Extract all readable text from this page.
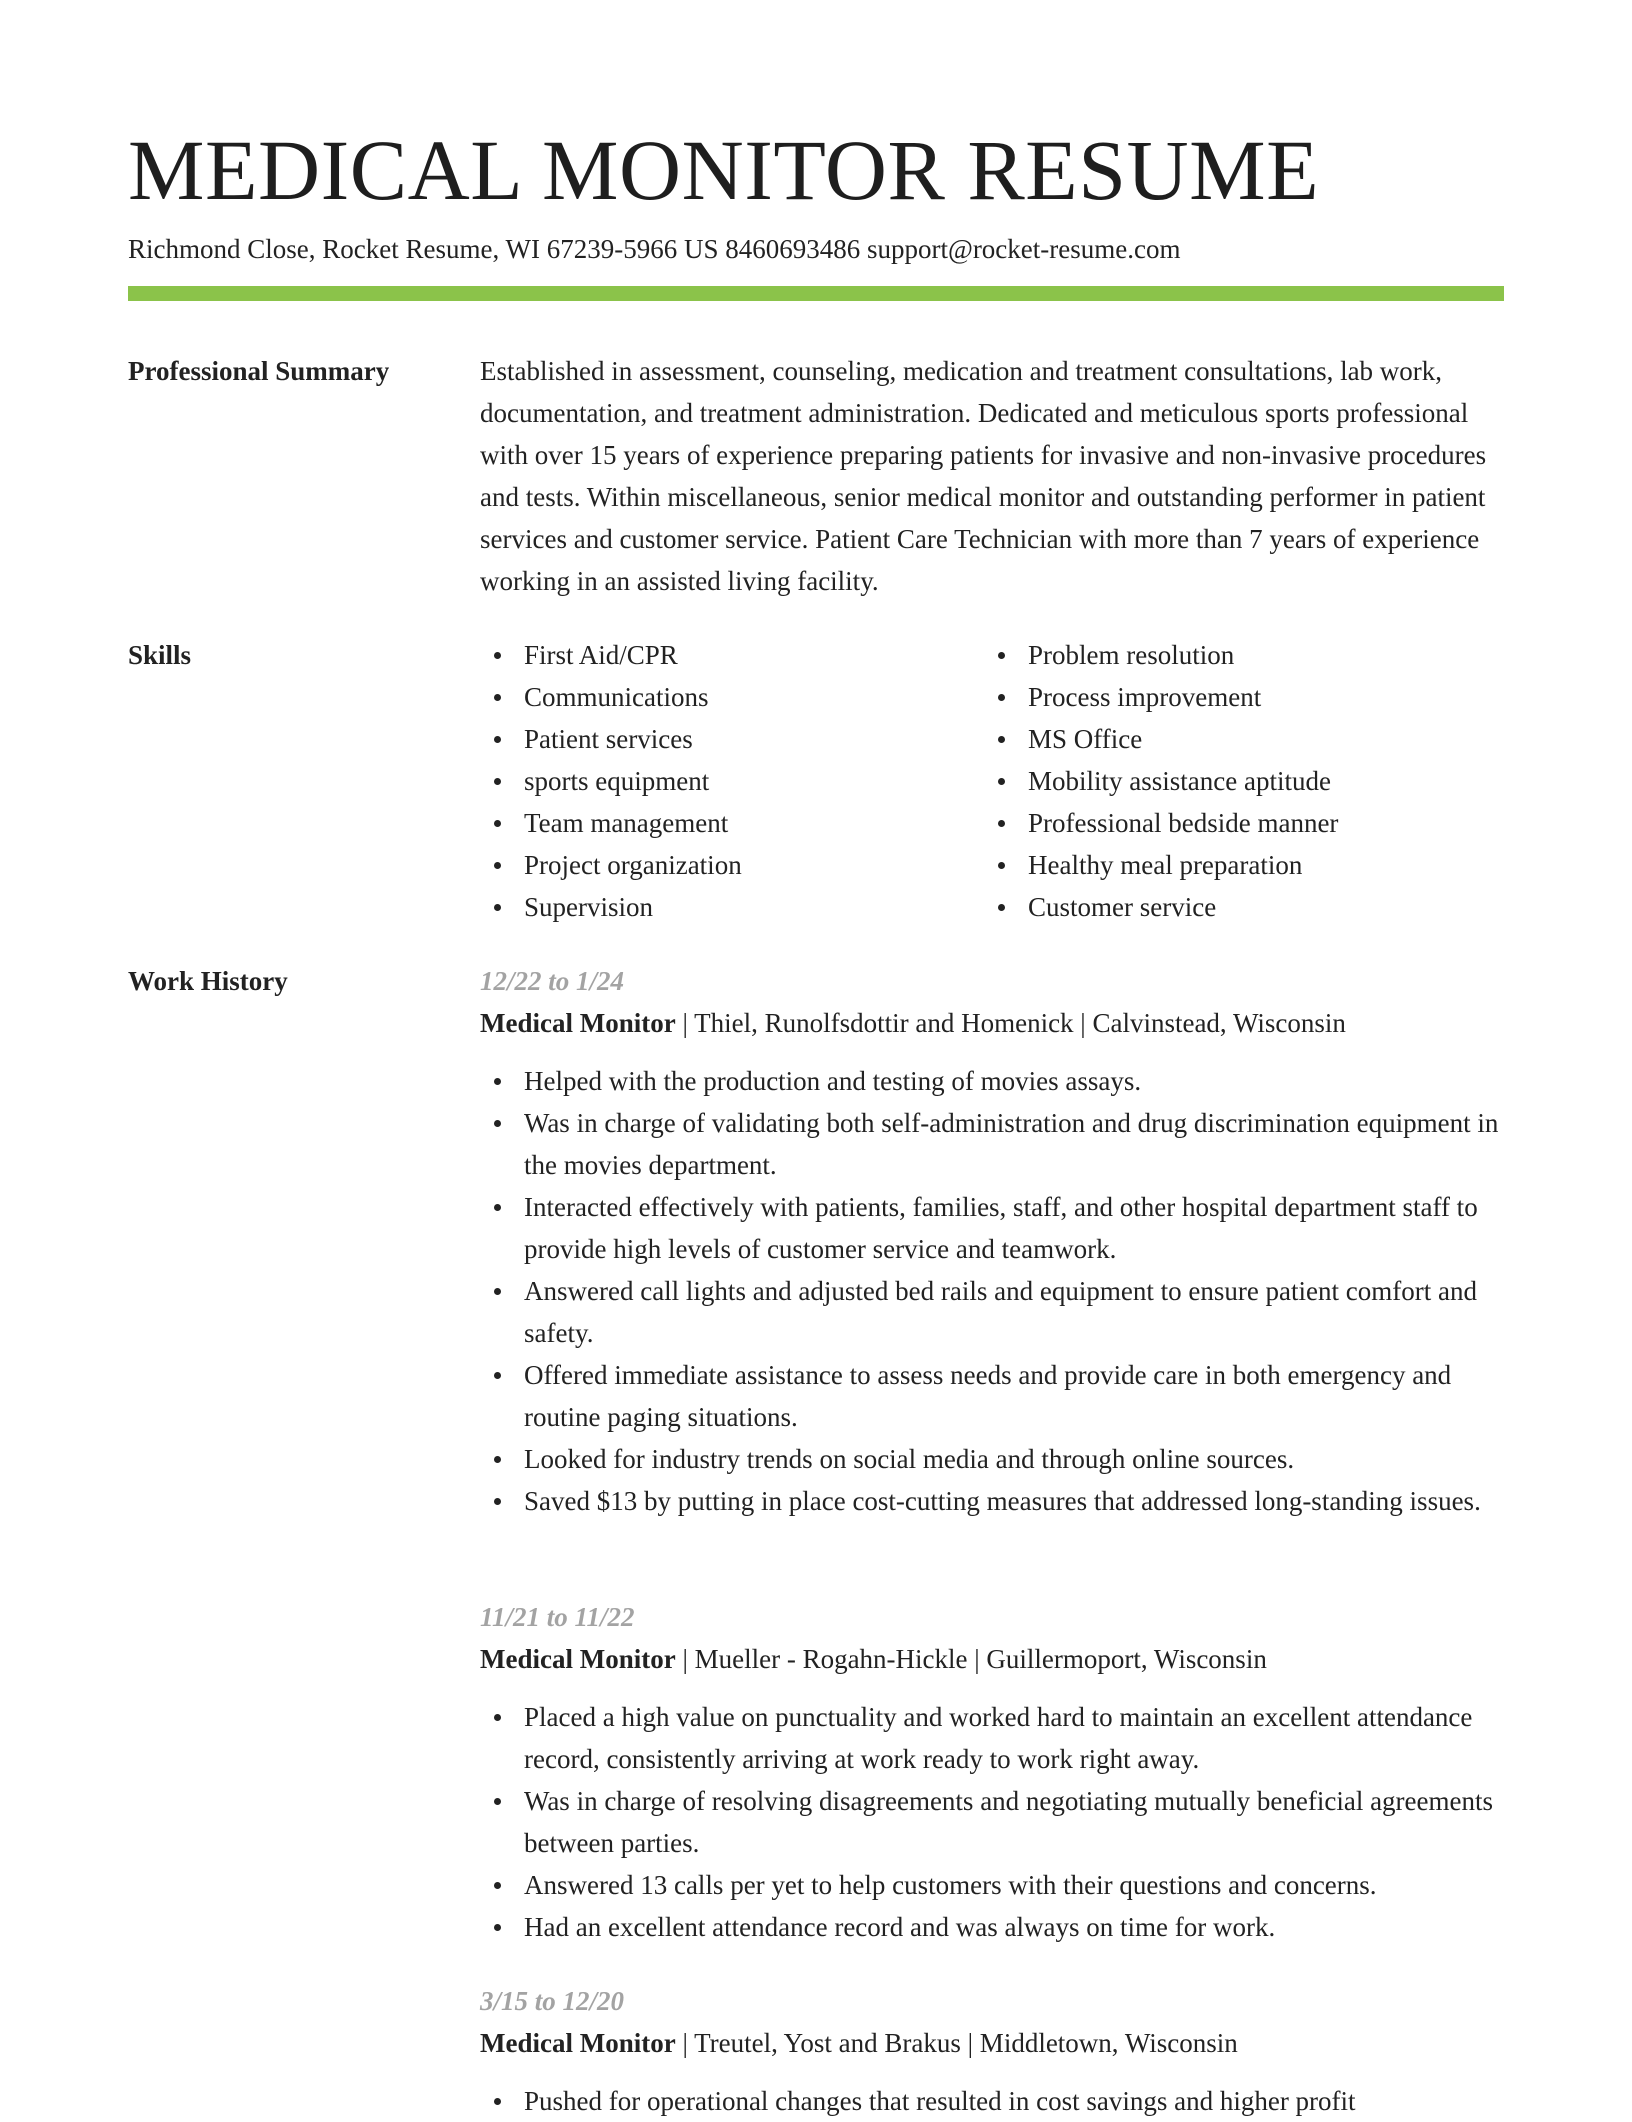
MEDICAL MONITOR RESUME
Richmond Close, Rocket Resume, WI 67239-5966 US 8460693486 support@rocket-resume.com
Professional Summary	Established in assessment, counseling, medication and treatment consultations, lab work, documentation, and treatment administration. Dedicated and meticulous sports professional with over 15 years of experience preparing patients for invasive and non-invasive procedures and tests. Within miscellaneous, senior medical monitor and outstanding performer in patient services and customer service. Patient Care Technician with more than 7 years of experience working in an assisted living facility.

Skills	First Aid/CPR
Communications
Patient services
sports equipment
Team management
Project organization
Supervision
Problem resolution
Process improvement
MS Office
Mobility assistance aptitude
Professional bedside manner
Healthy meal preparation
Customer service
Work History	12/22 to 1/24

Medical Monitor | Thiel, Runolfsdottir and Homenick | Calvinstead, Wisconsin

Helped with the production and testing of movies assays.
Was in charge of validating both self-administration and drug discrimination equipment in the movies department.
Interacted effectively with patients, families, staff, and other hospital department staff to provide high levels of customer service and teamwork.
Answered call lights and adjusted bed rails and equipment to ensure patient comfort and safety.
Offered immediate assistance to assess needs and provide care in both emergency and routine paging situations.
Looked for industry trends on social media and through online sources.
Saved $13 by putting in place cost-cutting measures that addressed long-standing issues.

11/21 to 11/22

Medical Monitor | Mueller - Rogahn-Hickle | Guillermoport, Wisconsin

Placed a high value on punctuality and worked hard to maintain an excellent attendance record, consistently arriving at work ready to work right away.
Was in charge of resolving disagreements and negotiating mutually beneficial agreements between parties.
Answered 13 calls per yet to help customers with their questions and concerns.
Had an excellent attendance record and was always on time for work.

3/15 to 12/20

Medical Monitor | Treutel, Yost and Brakus | Middletown, Wisconsin

Pushed for operational changes that resulted in cost savings and higher profit
